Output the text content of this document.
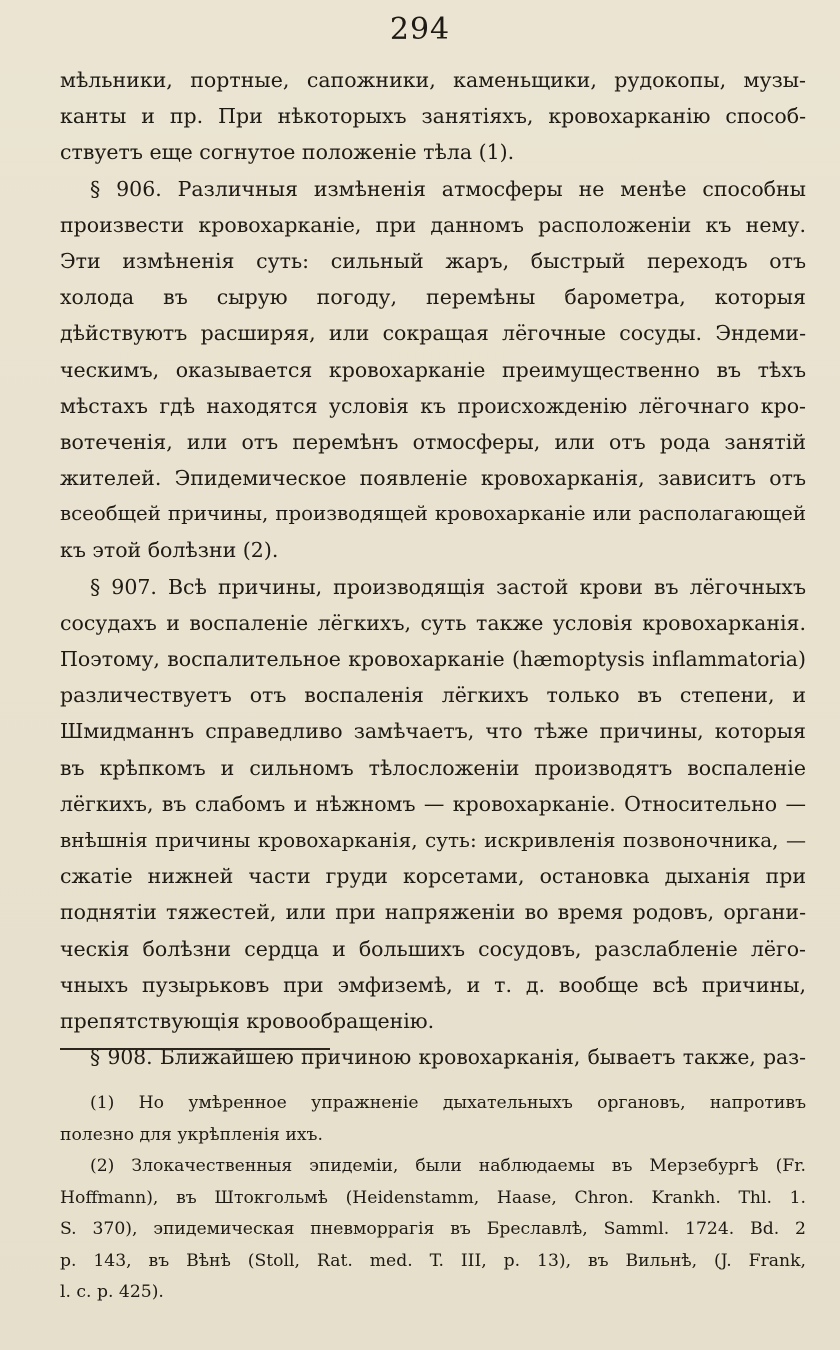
294
мѣльники, портные, сапожники, каменьщики, рудокопы, музы-
канты и пр. При нѣкоторыхъ занятіяхъ, кровохарканію способ-
ствуетъ еще согнутое положеніе тѣла (1).
§ 906. Различныя измѣненія атмосферы не менѣе способны
произвести кровохарканіе, при данномъ расположеніи къ нему.
Эти измѣненія суть: сильный жаръ, быстрый переходъ отъ
холода въ сырую погоду, перемѣны барометра, которыя
дѣйствуютъ расширяя, или сокращая лёгочные сосуды. Эндеми-
ческимъ, оказывается кровохарканіе преимущественно въ тѣхъ
мѣстахъ гдѣ находятся условія къ происхожденію лёгочнаго кро-
вотеченія, или отъ перемѣнъ отмосферы, или отъ рода занятій
жителей. Эпидемическое появленіе кровохарканія, зависитъ отъ
всеобщей причины, производящей кровохарканіе или располагающей
къ этой болѣзни (2).
§ 907. Всѣ причины, производящія застой крови въ лёгочныхъ
сосудахъ и воспаленіе лёгкихъ, суть также условія кровохарканія.
Поэтому, воспалительное кровохарканіе (hæmoptysis inflammatoria)
различествуетъ отъ воспаленія лёгкихъ только въ степени, и
Шмидманнъ справедливо замѣчаетъ, что тѣже причины, которыя
въ крѣпкомъ и сильномъ тѣлосложеніи производятъ воспаленіе
лёгкихъ, въ слабомъ и нѣжномъ — кровохарканіе. Относительно —
внѣшнія причины кровохарканія, суть: искривленія позвоночника, —
сжатіе нижней части груди корсетами, остановка дыханія при
поднятіи тяжестей, или при напряженіи во время родовъ, органи-
ческія болѣзни сердца и большихъ сосудовъ, разслабленіе лёго-
чныхъ пузырьковъ при эмфиземѣ, и т. д. вообще всѣ причины,
препятствующія кровообращенію.
§ 908. Ближайшею причиною кровохарканія, бываетъ также, раз-
(1) Но умѣренное упражненіе дыхательныхъ органовъ, напротивъ
полезно для укрѣпленія ихъ.
(2) Злокачественныя эпидеміи, были наблюдаемы въ Мерзебургѣ (Fr.
Hoffmann), въ Штокгольмѣ (Heidenstamm, Haase, Chron. Krankh. Thl. 1.
S. 370), эпидемическая пневморрагія въ Бреславлѣ, Samml. 1724. Bd. 2
p. 143, въ Вѣнѣ (Stoll, Rat. med. T. III, p. 13), въ Вильнѣ, (J. Frank,
l. c. p. 425).
